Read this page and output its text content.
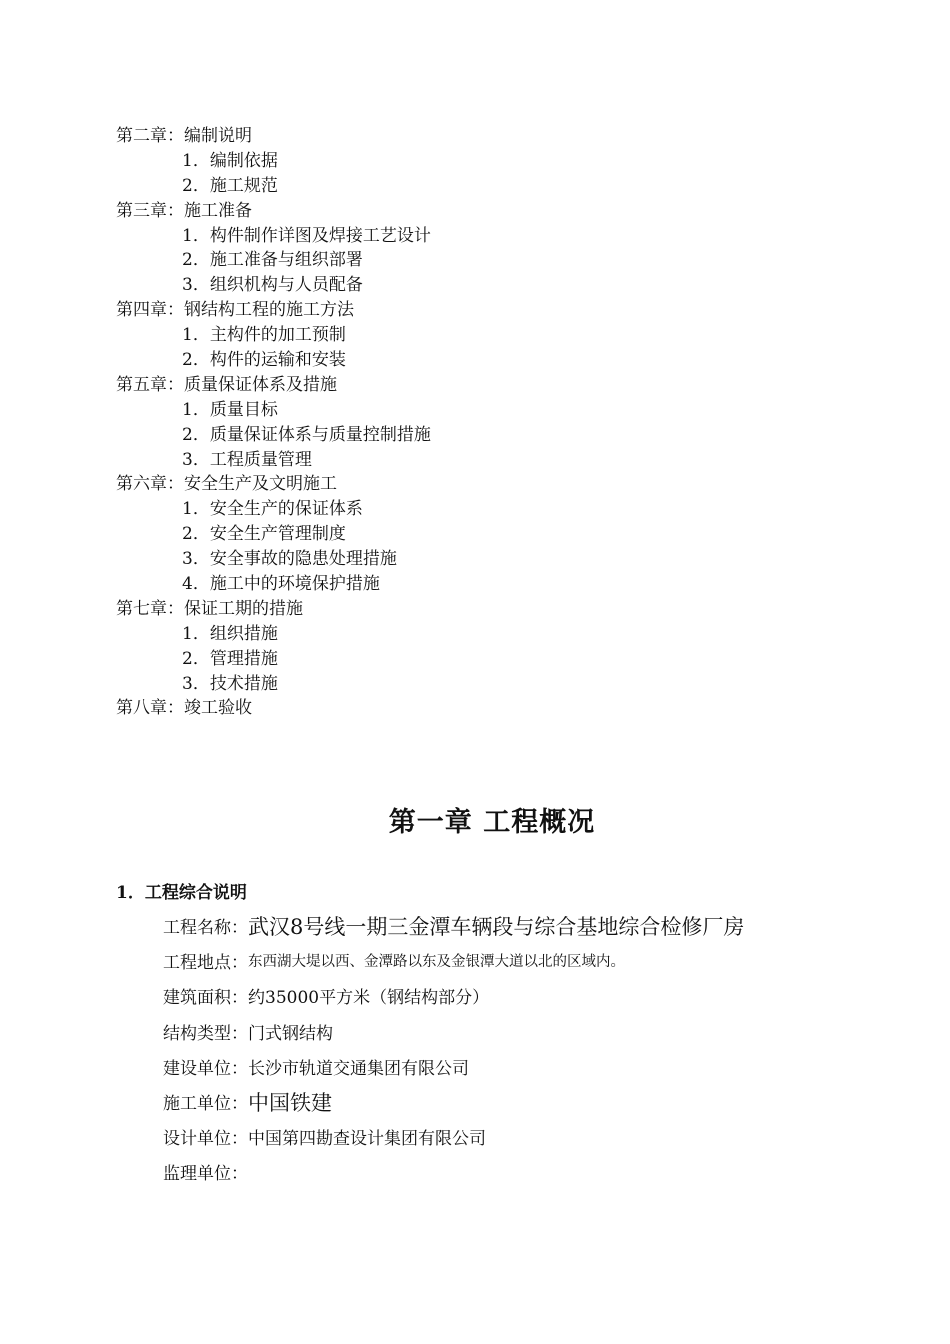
第二章：编制说明
1．编制依据
2．施工规范
第三章：施工准备
1．构件制作详图及焊接工艺设计
2．施工准备与组织部署
3．组织机构与人员配备
第四章：钢结构工程的施工方法
1．主构件的加工预制
2．构件的运输和安装
第五章：质量保证体系及措施
1．质量目标
2．质量保证体系与质量控制措施
3．工程质量管理
第六章：安全生产及文明施工
1．安全生产的保证体系
2．安全生产管理制度
3．安全事故的隐患处理措施
4．施工中的环境保护措施
第七章：保证工期的措施
1．组织措施
2．管理措施
3．技术措施
第八章：竣工验收
第一章 工程概况
1．工程综合说明
工程名称： 武汉8号线一期三金潭车辆段与综合基地综合检修厂房
工程地点： 东西湖大堤以西、金潭路以东及金银潭大道以北的区域内。
建筑面积： 约35000平方米（钢结构部分）
结构类型： 门式钢结构
建设单位： 长沙市轨道交通集团有限公司
施工单位： 中国铁建
设计单位： 中国第四勘查设计集团有限公司
监理单位：
